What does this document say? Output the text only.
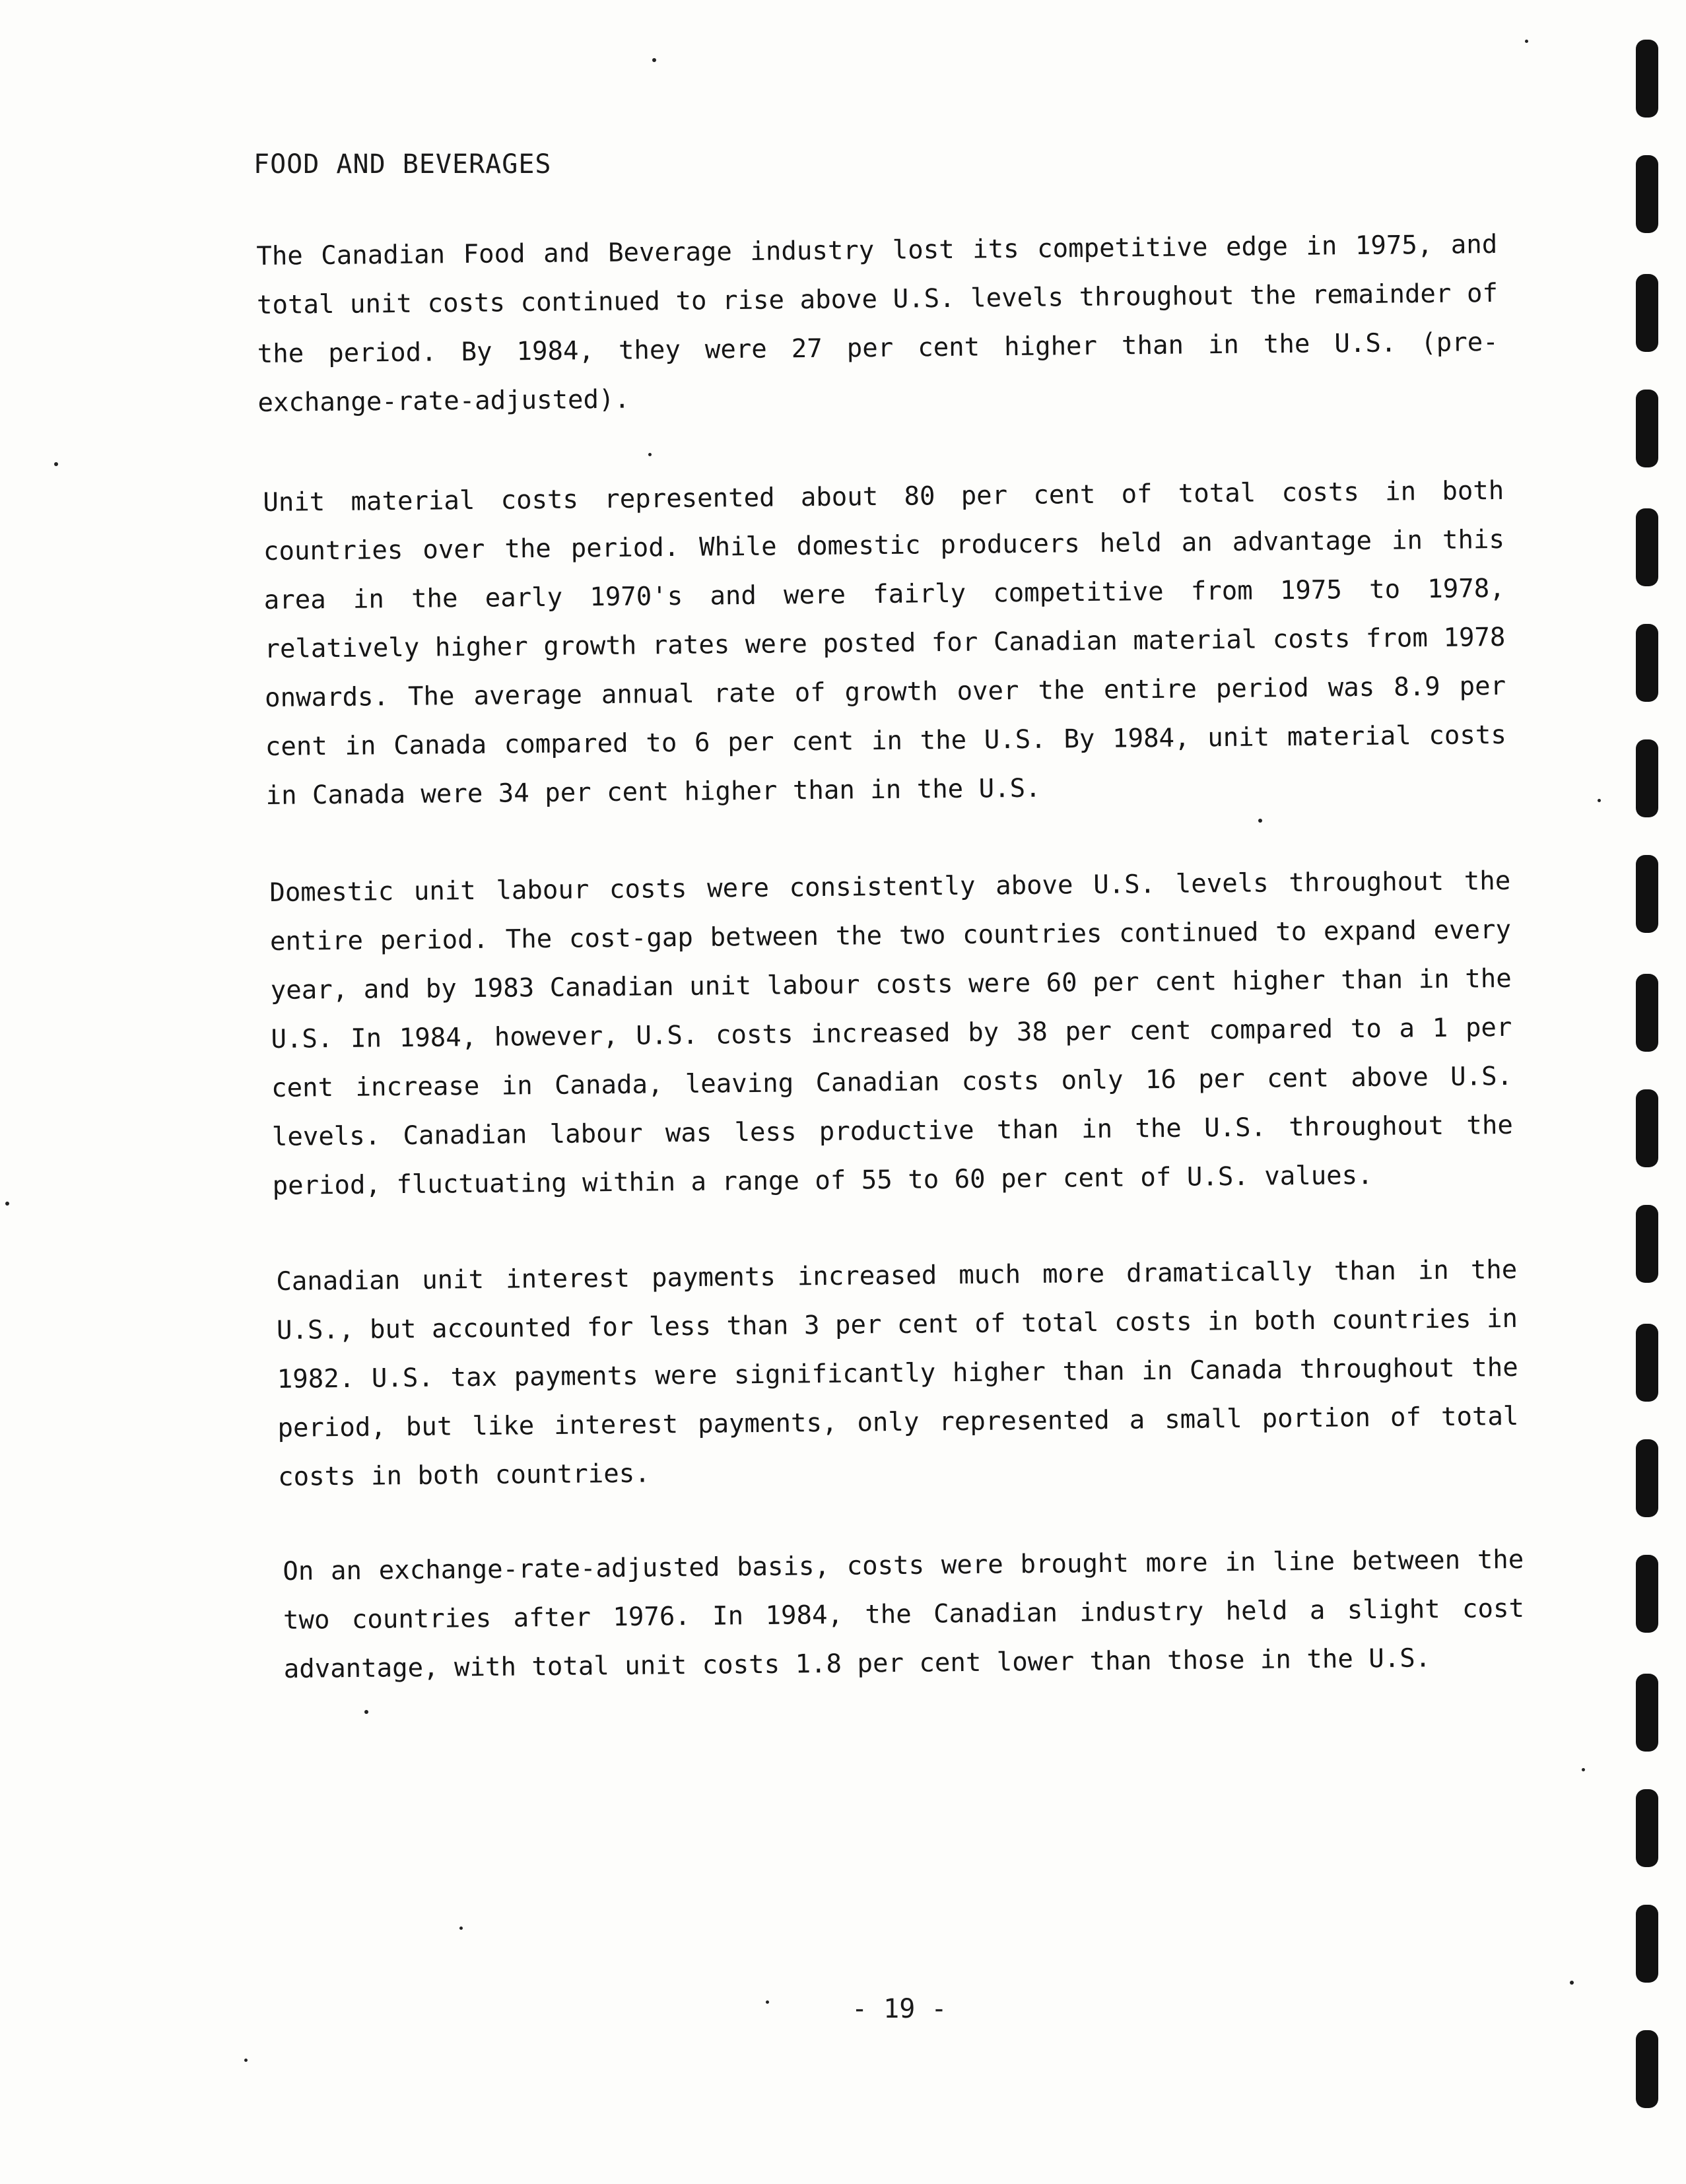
FOOD AND BEVERAGES
The Canadian Food and Beverage industry lost its competitive edge in 1975, and total unit costs continued to rise above U.S. levels throughout the remainder of the period. By 1984, they were 27 per cent higher than in the U.S. (pre-exchange-rate-adjusted).
Unit material costs represented about 80 per cent of total costs in both countries over the period. While domestic producers held an advantage in this area in the early 1970's and were fairly competitive from 1975 to 1978, relatively higher growth rates were posted for Canadian material costs from 1978 onwards. The average annual rate of growth over the entire period was 8.9 per cent in Canada compared to 6 per cent in the U.S. By 1984, unit material costs in Canada were 34 per cent higher than in the U.S.
Domestic unit labour costs were consistently above U.S. levels throughout the entire period. The cost-gap between the two countries continued to expand every year, and by 1983 Canadian unit labour costs were 60 per cent higher than in the U.S. In 1984, however, U.S. costs increased by 38 per cent compared to a 1 per cent increase in Canada, leaving Canadian costs only 16 per cent above U.S. levels. Canadian labour was less productive than in the U.S. throughout the period, fluctuating within a range of 55 to 60 per cent of U.S. values.
Canadian unit interest payments increased much more dramatically than in the U.S., but accounted for less than 3 per cent of total costs in both countries in 1982. U.S. tax payments were significantly higher than in Canada throughout the period, but like interest payments, only represented a small portion of total costs in both countries.
On an exchange-rate-adjusted basis, costs were brought more in line between the two countries after 1976. In 1984, the Canadian industry held a slight cost advantage, with total unit costs 1.8 per cent lower than those in the U.S.
- 19 -
